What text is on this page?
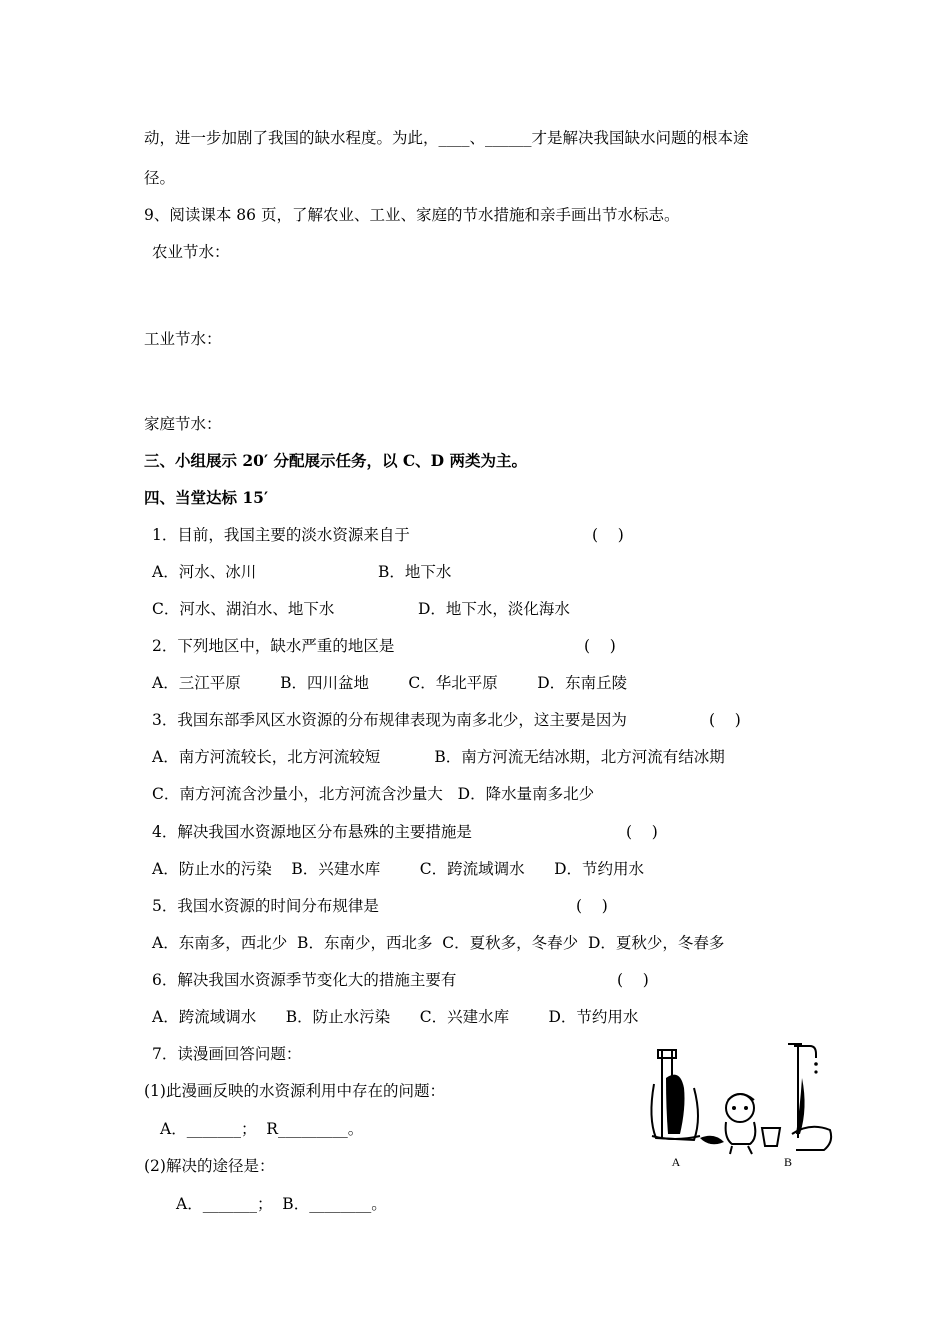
动，进一步加剧了我国的缺水程度。为此，____、______才是解决我国缺水问题的根本途
径。
9、阅读课本 86 页，了解农业、工业、家庭的节水措施和亲手画出节水标志。
农业节水：
工业节水：
家庭节水：
三、小组展示 20′ 分配展示任务，以 C、D 两类为主。
四、当堂达标 15′
1．目前，我国主要的淡水资源来自于	(    )
A．河水、冰川	B．地下水
C．河水、湖泊水、地下水	D．地下水，淡化海水
2．下列地区中，缺水严重的地区是	(    )
A．三江平原        B．四川盆地        C．华北平原        D．东南丘陵
3．我国东部季风区水资源的分布规律表现为南多北少，这主要是因为	(    )
A．南方河流较长，北方河流较短           B．南方河流无结冰期，北方河流有结冰期
C．南方河流含沙量小，北方河流含沙量大   D．降水量南多北少
4．解决我国水资源地区分布悬殊的主要措施是	(    )
A．防止水的污染    B．兴建水库        C．跨流域调水      D．节约用水
5．我国水资源的时间分布规律是	(    )
A．东南多，西北少  B．东南少，西北多  C．夏秋多，冬春少  D．夏秋少，冬春多
6．解决我国水资源季节变化大的措施主要有	(    )
A．跨流域调水      B．防止水污染      C．兴建水库        D．节约用水
7．读漫画回答问题：
(1)此漫画反映的水资源利用中存在的问题：
A．_______；  R_________。
(2)解决的途径是：
A．_______；  B．________。
A	B
